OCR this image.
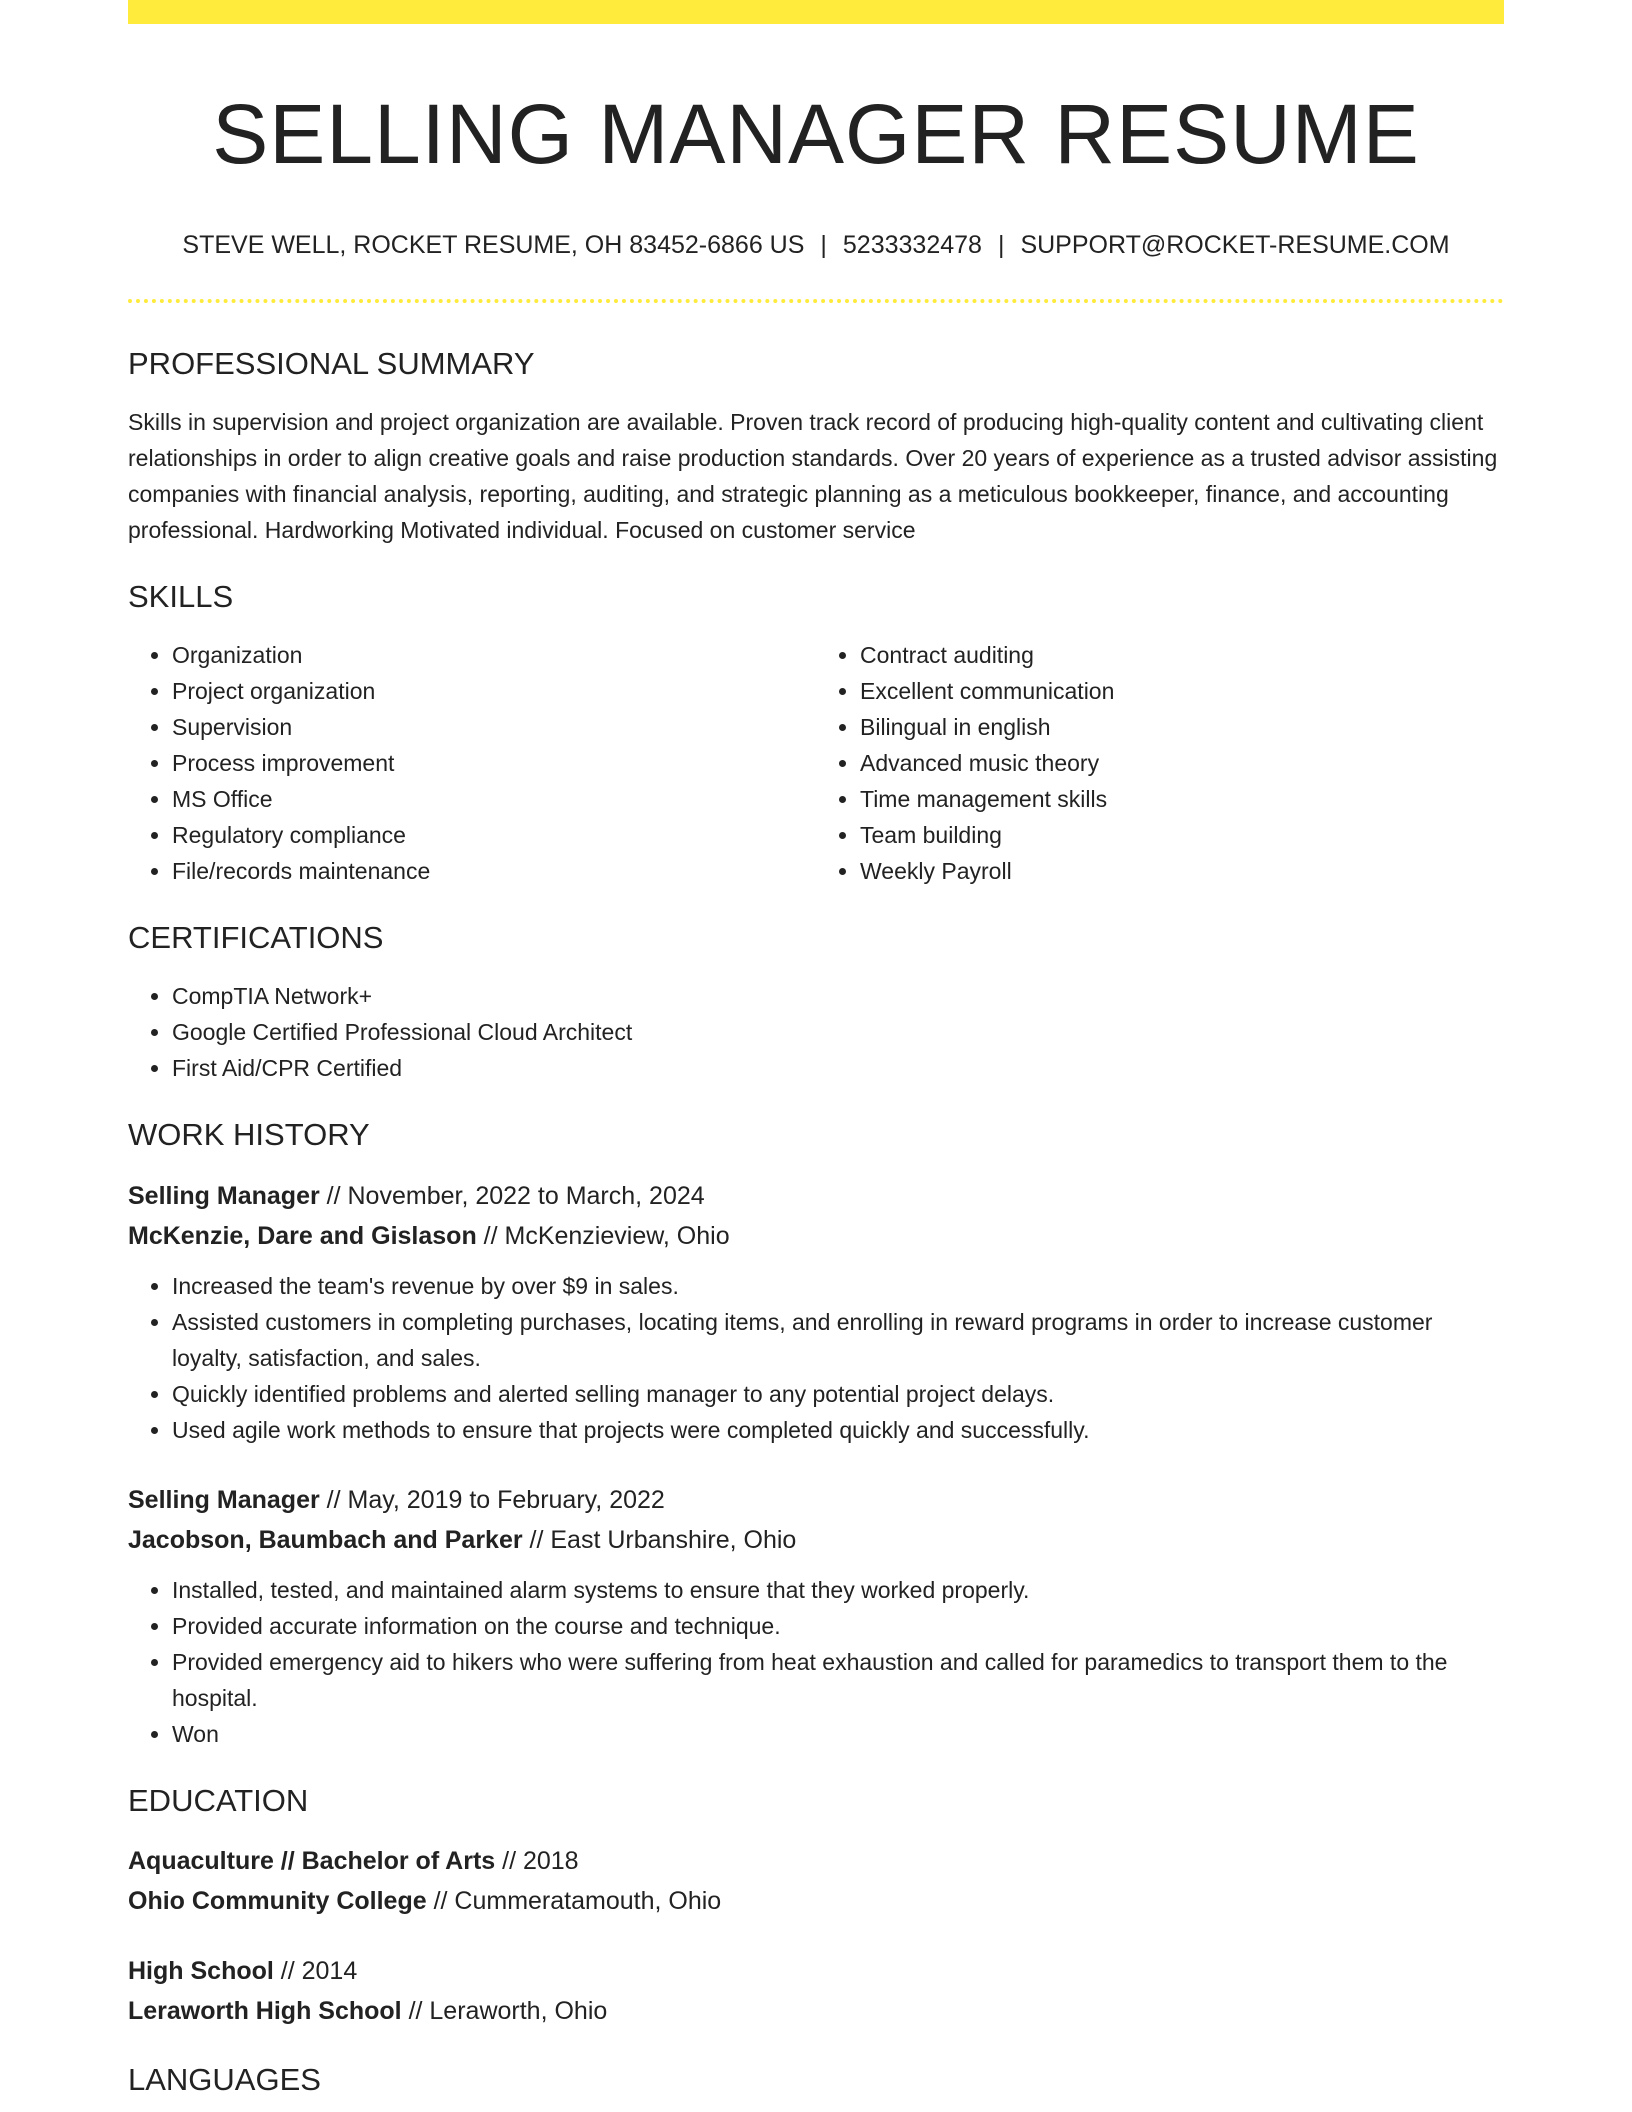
SELLING MANAGER RESUME
STEVE WELL, ROCKET RESUME, OH 83452-6866 US | 5233332478 | SUPPORT@ROCKET-RESUME.COM
PROFESSIONAL SUMMARY

Skills in supervision and project organization are available. Proven track record of producing high-quality content and cultivating client relationships in order to align creative goals and raise production standards. Over 20 years of experience as a trusted advisor assisting companies with financial analysis, reporting, auditing, and strategic planning as a meticulous bookkeeper, finance, and accounting professional. Hardworking Motivated individual. Focused on customer service

SKILLS
• Organization
• Project organization
• Supervision
• Process improvement
• MS Office
• Regulatory compliance
• File/records maintenance
• Contract auditing
• Excellent communication
• Bilingual in english
• Advanced music theory
• Time management skills
• Team building
• Weekly Payroll
CERTIFICATIONS
• CompTIA Network+
• Google Certified Professional Cloud Architect
• First Aid/CPR Certified
WORK HISTORY
Selling Manager // November, 2022 to March, 2024
McKenzie, Dare and Gislason // McKenzieview, Ohio
• Increased the team's revenue by over $9 in sales.
• Assisted customers in completing purchases, locating items, and enrolling in reward programs in order to increase customer loyalty, satisfaction, and sales.
• Quickly identified problems and alerted selling manager to any potential project delays.
• Used agile work methods to ensure that projects were completed quickly and successfully.
Selling Manager // May, 2019 to February, 2022
Jacobson, Baumbach and Parker // East Urbanshire, Ohio
• Installed, tested, and maintained alarm systems to ensure that they worked properly.
• Provided accurate information on the course and technique.
• Provided emergency aid to hikers who were suffering from heat exhaustion and called for paramedics to transport them to the hospital.
• Won
EDUCATION
Aquaculture // Bachelor of Arts // 2018
Ohio Community College // Cummeratamouth, Ohio
High School // 2014
Leraworth High School // Leraworth, Ohio
LANGUAGES
